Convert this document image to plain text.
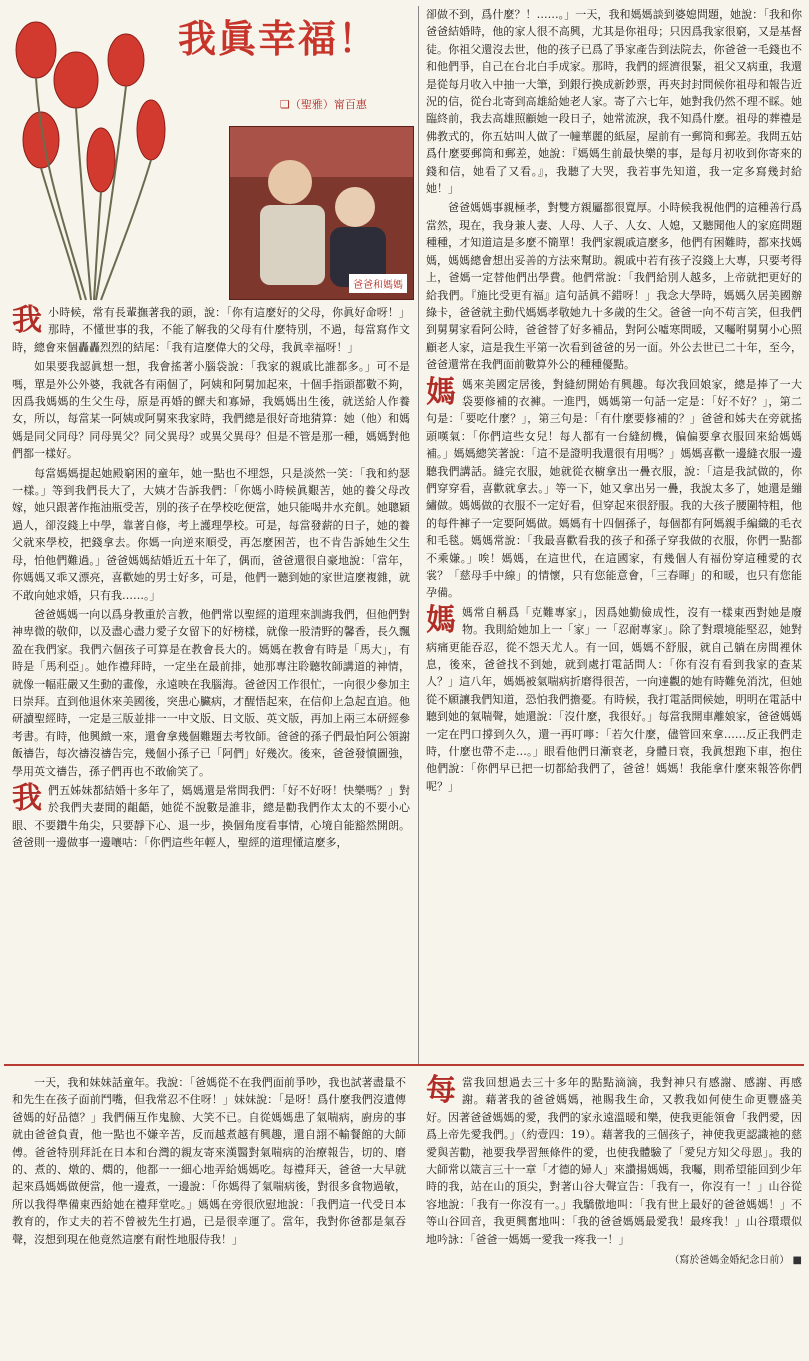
我眞幸福！
❏（聖雅）甯百惠
爸爸和媽媽

我小時候，常有長輩撫著我的頭，說：「你有這麼好的父母，你眞好命呀！」那時，不懂世事的我，不能了解我的父母有什麼特別，不過，每當寫作文時，總會來個轟轟烈烈的結尾：「我有這麼偉大的父母，我眞幸福呀！」

如果要我認眞想一想，我會搖著小腦袋說：「我家的親戚比誰都多。」可不是嗎，單是外公外婆，我就各有兩個了，阿姨和阿舅加起來，十個手指頭都數不夠，因爲我媽媽的生父生母，原是再婚的鰥夫和寡婦，我媽媽出生後，就送給人作養女，所以，每當某一阿姨或阿舅來我家時，我們總是很好奇地猜算：她（他）和媽媽是同父同母？同母異父？同父異母？或異父異母？但是不管是那一種，媽媽對他們都一樣好。

每當媽媽提起她殿窮困的童年，她一點也不埋怨，只是淡然一笑：「我和約瑟一樣。」等到我們長大了，大姨才告訴我們：「你媽小時候眞艱苦，她的養父母改嫁，她只跟著作拖油瓶受苦，別的孩子在學校吃便當，她只能喝井水充飢。她聰穎過人，卻沒錢上中學，靠著自修，考上護理學校。可是，每當發薪的日子，她的養父就來學校，把錢拿去。你媽一向逆來順受，再怎麼困苦，也不肯告訴她生父生母，怕他們難過。」爸爸媽媽結婚近五十年了，偶而，爸爸還很自豪地說：「當年，你媽媽又乖又漂亮，喜歡她的男士好多，可是，他們一聽到她的家世這麼複雜，就不敢向她求婚，只有我……。」

爸爸媽媽一向以爲身教重於言教，他們常以聖經的道理來訓誨我們，但他們對神卑微的敬仰，以及盡心盡力愛子女留下的好榜樣，就像一股清野的馨香，長久飄盈在我們家。我們六個孩子可算是在教會長大的。媽媽在教會有時是「馬大」，有時是「馬利亞」。她作禮拜時，一定坐在最前排，她那專注聆聽牧師講道的神情，就像一幅莊嚴又生動的畫像，永遠映在我腦海。爸爸因工作很忙，一向很少參加主日崇拜。直到他退休來美國後，突患心臟病，才醒悟起來，在信仰上急起直追。他研讀聖經時，一定是三版並排一一中文版、日文版、英文版，再加上兩三本研經參考書。有時，他興緻一來，還會拿幾個難題去考牧師。爸爸的孫子們最怕阿公領謝飯禱告，每次禱沒禱告完，幾個小孫子已「阿們」好幾次。後來，爸爸發憤圖強，學用英文禱告，孫子們再也不敢偷笑了。

我們五姊妹都結婚十多年了，媽媽還是常問我們：「好不好呀！快樂嗎？」對於我們夫妻間的齟齬，她從不說數是誰非，總是勸我們作太太的不要小心眼、不要鑽牛角尖，只要靜下心、退一步，換個角度看事情，心境自能豁然開朗。爸爸則一邊做事一邊嚷咕：「你們這些年輕人，聖經的道理懂這麼多，

卻做不到，爲什麼？！……。」一天，我和媽媽談到婆媳問題，她說：「我和你爸爸結婚時，他的家人很不高興，尤其是你祖母；只因爲我家很窮，又是基督徒。你祖父還沒去世，他的孩子已爲了爭家產告到法院去，你爸爸一毛錢也不和他們爭，自己在台北白手成家。那時，我們的經濟很緊，祖父又病重，我還是從每月收入中抽一大筆，到銀行換成新鈔票，再夾封封問候你祖母和報告近況的信，從台北寄到高雄給她老人家。寄了六七年，她對我仍然不理不睬。她臨終前，我去高雄照顧她一段日子，她常流淚，我不知爲什麼。祖母的葬禮是佛教式的，你五姑叫人做了一幢華麗的紙屋，屋前有一郵筒和郵差。我問五姑爲什麼要郵筒和郵差，她說：『媽媽生前最快樂的事，是每月初收到你寄來的錢和信，她看了又看。』，我聽了大哭，我若事先知道，我一定多寫幾封給她！」

爸爸媽媽事親極孝，對雙方親屬都很寬厚。小時候我視他們的這種善行爲當然，現在，我身兼人妻、人母、人子、人女、人媳，又聽聞他人的家庭問題種種，才知道這是多麼不簡單！我們家親戚這麼多，他們有困難時，都來找媽媽，媽媽總會想出妥善的方法來幫助。親戚中若有孩子沒錢上大專，只要考得上，爸媽一定替他們出學費。他們常說：「我們給別人越多，上帝就把更好的給我們。『施比受更有福』這句話眞不錯呀！」我念大學時，媽媽久居美國辦綠卡，爸爸就主動代媽媽孝敬她九十多歲的生父。爸爸一向不苟言笑，但我們到舅舅家看阿公時，爸爸替了好多補品，對阿公噓寒問暖，又囑咐舅舅小心照顧老人家，這是我生平第一次看到爸爸的另一面。外公去世已二十年，至今，爸爸還常在我們面前數算外公的種種優點。

媽媽來美國定居後，對縫紉開始有興趣。每次我回娘家，總是捧了一大袋要修補的衣褲。一進門，媽媽第一句話一定是：「好不好？」，第二句是：「要吃什麼？」，第三句是：「有什麼要修補的？」爸爸和姊夫在旁就搖頭嘆氣：「你們這些女兒！每人都有一台縫紉機，偏偏要拿衣服回來給媽媽補。」媽媽總笑著說：「這不是證明我還很有用嗎？」媽媽喜歡一邊縫衣服一邊聽我們講話。縫完衣服，她就從衣櫥拿出一疊衣服，說：「這是我試做的，你們穿穿看，喜歡就拿去。」等一下，她又拿出另一疊，我說太多了，她還是繃繡做。媽媽做的衣服不一定好看，但穿起來很舒服。我的大孩子腰圍特粗，他的每件褲子一定要阿媽做。媽媽有十四個孫子，每個都有阿媽親手編織的毛衣和毛毯。媽媽常說：「我最喜歡看我的孩子和孫子穿我做的衣服，你們一點都不乘嫌。」唉！媽媽，在這世代，在這國家，有幾個人有福份穿這種愛的衣裳？「慈母手中線」的情懷，只有您能意會，「三春暉」的和暖，也只有您能孕備。

媽媽常自稱爲「克難專家」，因爲她勤儉成性，沒有一樣東西對她是廢物。我則給她加上一「家」一「忍耐專家」。除了對環境能堅忍，她對病痛更能吞忍，從不怨天尤人。有一回，媽媽不舒服，就自己躺在房間裡休息，後來，爸爸找不到她，就到處打電話問人：「你有沒有看到我家的查某人？」這八年，媽媽被氣喘病折磨得很苦，一向達觀的她有時難免消沈，但她從不願讓我們知道，恐怕我們擔憂。有時候，我打電話問候她，明明在電話中聽到她的氣喘聲，她還說：「沒什麼，我很好。」每當我開車離娘家，爸爸媽媽一定在門口撐到久久，還一再叮嚀：「若欠什麼，儘管回來拿……反正我們走時，什麼也帶不走…。」眼看他們日漸衰老，身體日衰，我眞想跑下車，抱住他們說：「你們早已把一切都給我們了，爸爸！媽媽！我能拿什麼來報答你們呢？」

一天，我和妹妹話童年。我說：「爸媽從不在我們面前爭吵，我也試著盡量不和先生在孩子面前鬥嘴，但我常忍不住呀！」妹妹說：「是呀！爲什麼我們沒遺傳爸媽的好品德？」我們倆互作鬼臉、大笑不已。自從媽媽患了氣喘病，廚房的事就由爸爸負責，他一點也不嫌辛苦，反而越煮越有興趣，還自詡不輸餐館的大師傅。爸爸特別拜託在日本和台灣的親友寄來漢醫對氣喘病的治療報告，切的、磨的、煮的、燉的、燜的，他都一一細心地弄給媽媽吃。每禮拜天，爸爸一大早就起來爲媽媽做便當，他一邊煮，一邊說：「你媽得了氣喘病後，對很多食物過敏，所以我得準備東西給她在禮拜堂吃。」媽媽在旁很欣慰地說：「我們這一代受日本教育的，作丈夫的若不曾被先生打過，已是很幸運了。當年，我對你爸都是氣吞聲，沒想到現在他竟然這麼有耐性地服侍我！」

每當我回想過去三十多年的點點滴滴，我對神只有感謝、感謝、再感謝。藉著我的爸爸媽媽，祂賜我生命，又教我如何使生命更豐盛美好。因著爸爸媽媽的愛，我們的家永遠溫暖和樂，使我更能領會「我們愛，因爲上帝先愛我們。」（約壹四：19）。藉著我的三個孩子，神使我更認識祂的慈愛與苦勸，祂要我學習無條件的愛，也使我體驗了「愛兒方知父母恩」。我的大師常以箴言三十一章「才德的婦人」來讚揚媽媽，我囑，則希望能回到少年時的我，站在山的頂尖，對著山谷大聲宣告：「我有一，你沒有一！」山谷從容地說：「我有一你沒有一。」我驕傲地叫：「我有世上最好的爸爸媽媽！」不等山谷回音，我更興奮地叫：「我的爸爸媽媽最愛我！最疼我！」山谷環環似地吟詠：「爸爸一媽媽一愛我一疼我一！」

（寫於爸媽金婚紀念日前） ■
